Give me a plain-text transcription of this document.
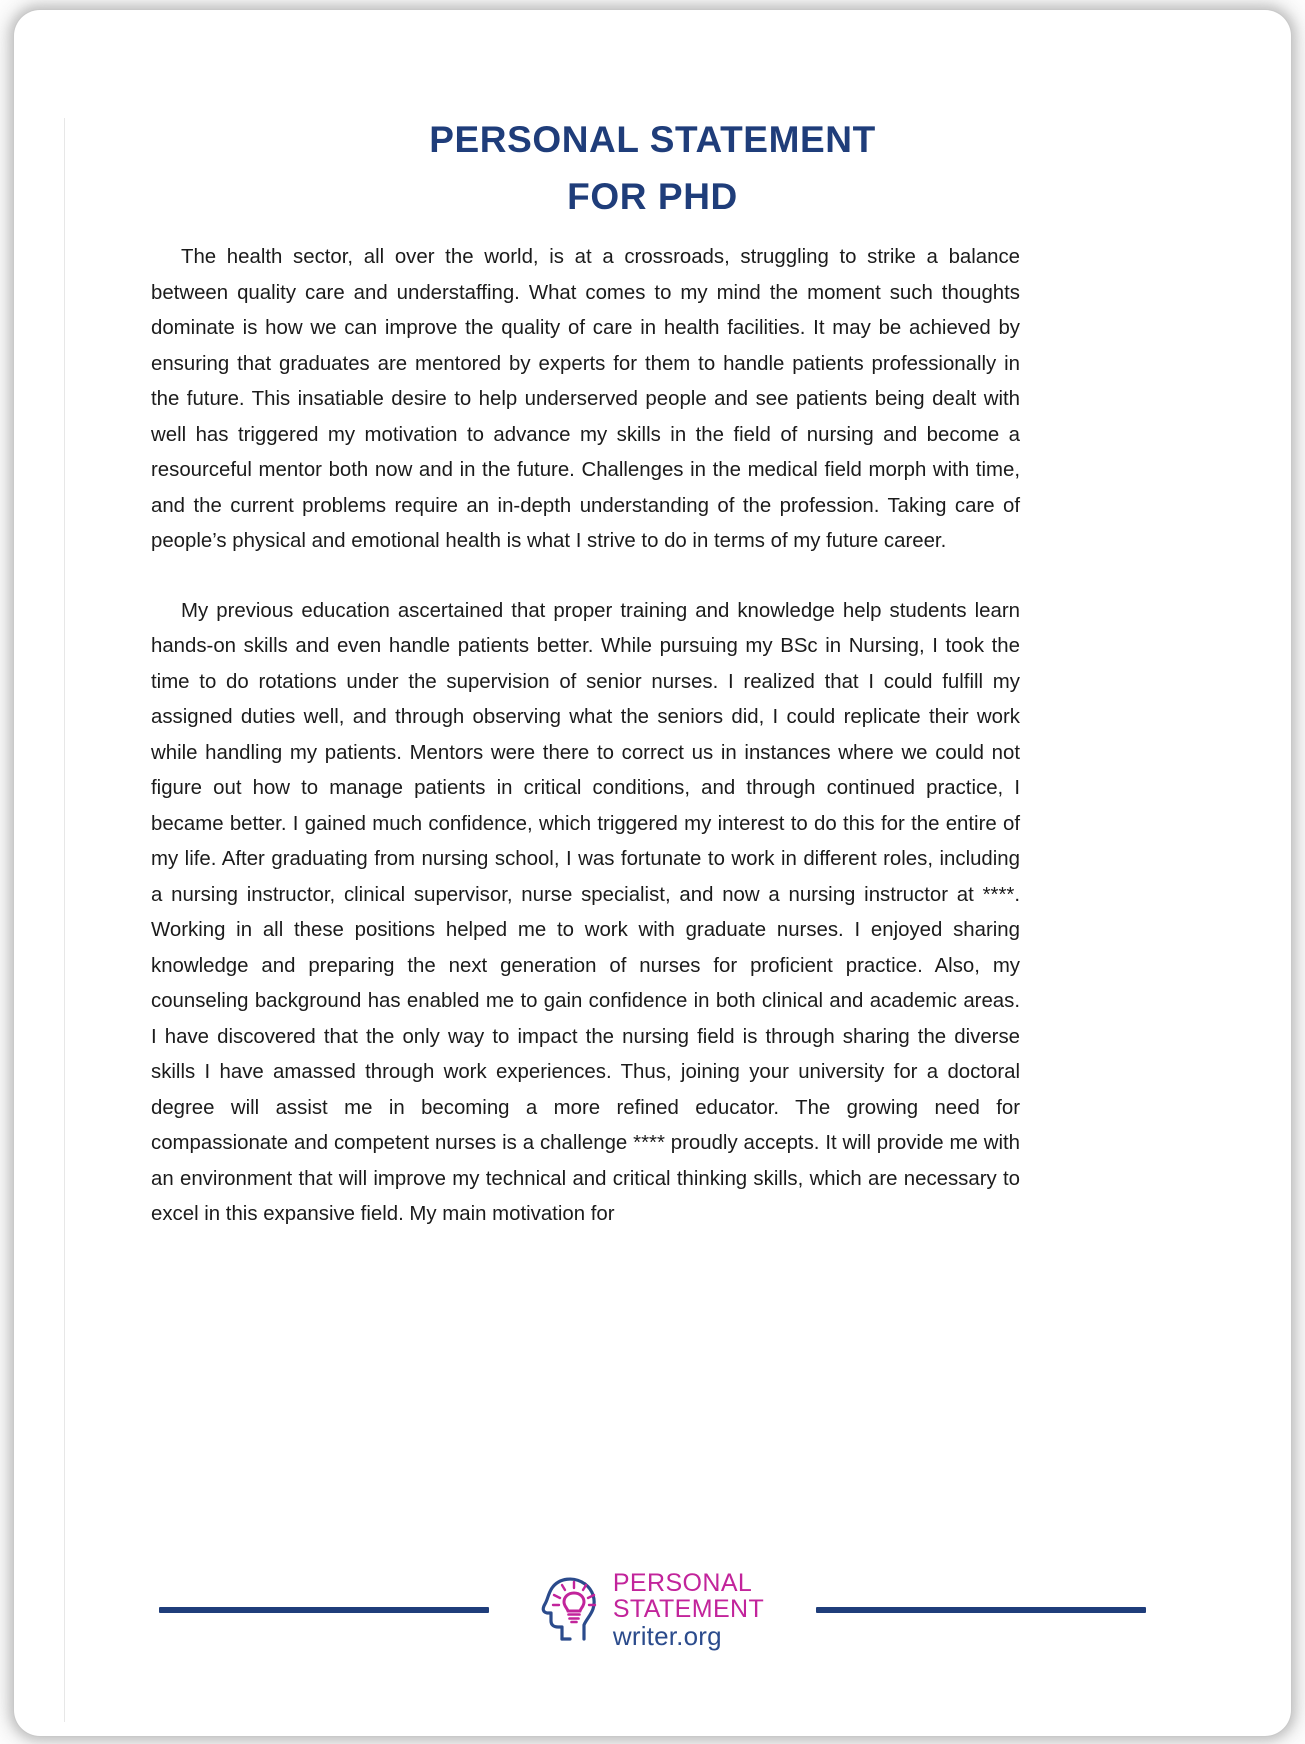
PERSONAL STATEMENT
FOR PHD

The health sector, all over the world, is at a crossroads, struggling to strike a balance between quality care and understaffing. What comes to my mind the moment such thoughts dominate is how we can improve the quality of care in health facilities. It may be achieved by ensuring that graduates are mentored by experts for them to handle patients professionally in the future. This insatiable desire to help underserved people and see patients being dealt with well has triggered my motivation to advance my skills in the field of nursing and become a resourceful mentor both now and in the future. Challenges in the medical field morph with time, and the current problems require an in-depth understanding of the profession. Taking care of people’s physical and emotional health is what I strive to do in terms of my future career.

My previous education ascertained that proper training and knowledge help students learn hands-on skills and even handle patients better. While pursuing my BSc in Nursing, I took the time to do rotations under the supervision of senior nurses. I realized that I could fulfill my assigned duties well, and through observing what the seniors did, I could replicate their work while handling my patients. Mentors were there to correct us in instances where we could not figure out how to manage patients in critical conditions, and through continued practice, I became better. I gained much confidence, which triggered my interest to do this for the entire of my life. After graduating from nursing school, I was fortunate to work in different roles, including a nursing instructor, clinical supervisor, nurse specialist, and now a nursing instructor at ****. Working in all these positions helped me to work with graduate nurses. I enjoyed sharing knowledge and preparing the next generation of nurses for proficient practice. Also, my counseling background has enabled me to gain confidence in both clinical and academic areas. I have discovered that the only way to impact the nursing field is through sharing the diverse skills I have amassed through work experiences. Thus, joining your university for a doctoral degree will assist me in becoming a more refined educator. The growing need for compassionate and competent nurses is a challenge **** proudly accepts. It will provide me with an environment that will improve my technical and critical thinking skills, which are necessary to excel in this expansive field. My main motivation for

PERSONAL
STATEMENT
writer.org
